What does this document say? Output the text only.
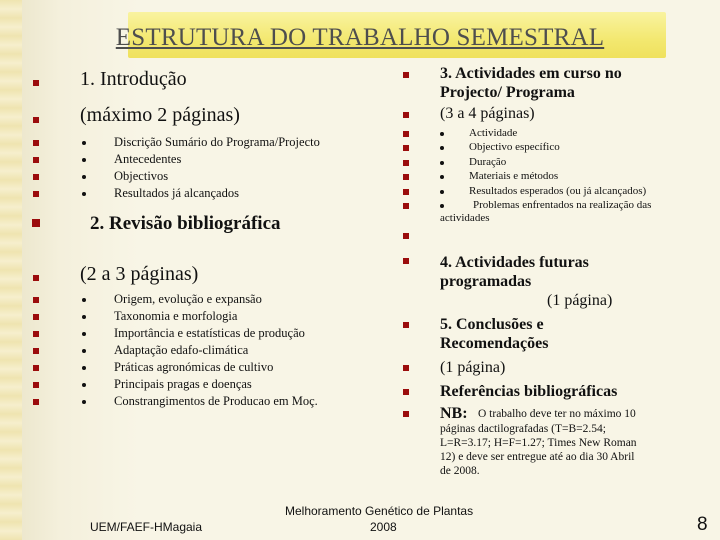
ESTRUTURA DO TRABALHO SEMESTRAL
1. Introdução
(máximo 2 páginas)
Discrição Sumário do Programa/Projecto
Antecedentes
Objectivos
Resultados já alcançados
2. Revisão bibliográfica
(2 a 3 páginas)
Origem, evolução e expansão
Taxonomia e morfologia
Importância e estatísticas de produção
Adaptação edafo-climática
Práticas agronómicas de cultivo
Principais pragas e doenças
Constrangimentos de Producao em Moç.
3. Actividades em curso no
Projecto/ Programa
(3 a 4 páginas)
Actividade
Objectivo específico
Duração
Materiais e métodos
Resultados esperados (ou já alcançados)
Problemas enfrentados na realização das
actividades
4. Actividades futuras
programadas
(1 página)
5. Conclusões e
Recomendações
(1 página)
Referências bibliográficas
NB: O trabalho deve ter no máximo 10
páginas dactilografadas (T=B=2.54;
L=R=3.17; H=F=1.27; Times New Roman
12) e deve ser entregue até ao dia 30 Abril
de 2008.
UEM/FAEF-HMagaia
Melhoramento Genético de Plantas
2008	8
